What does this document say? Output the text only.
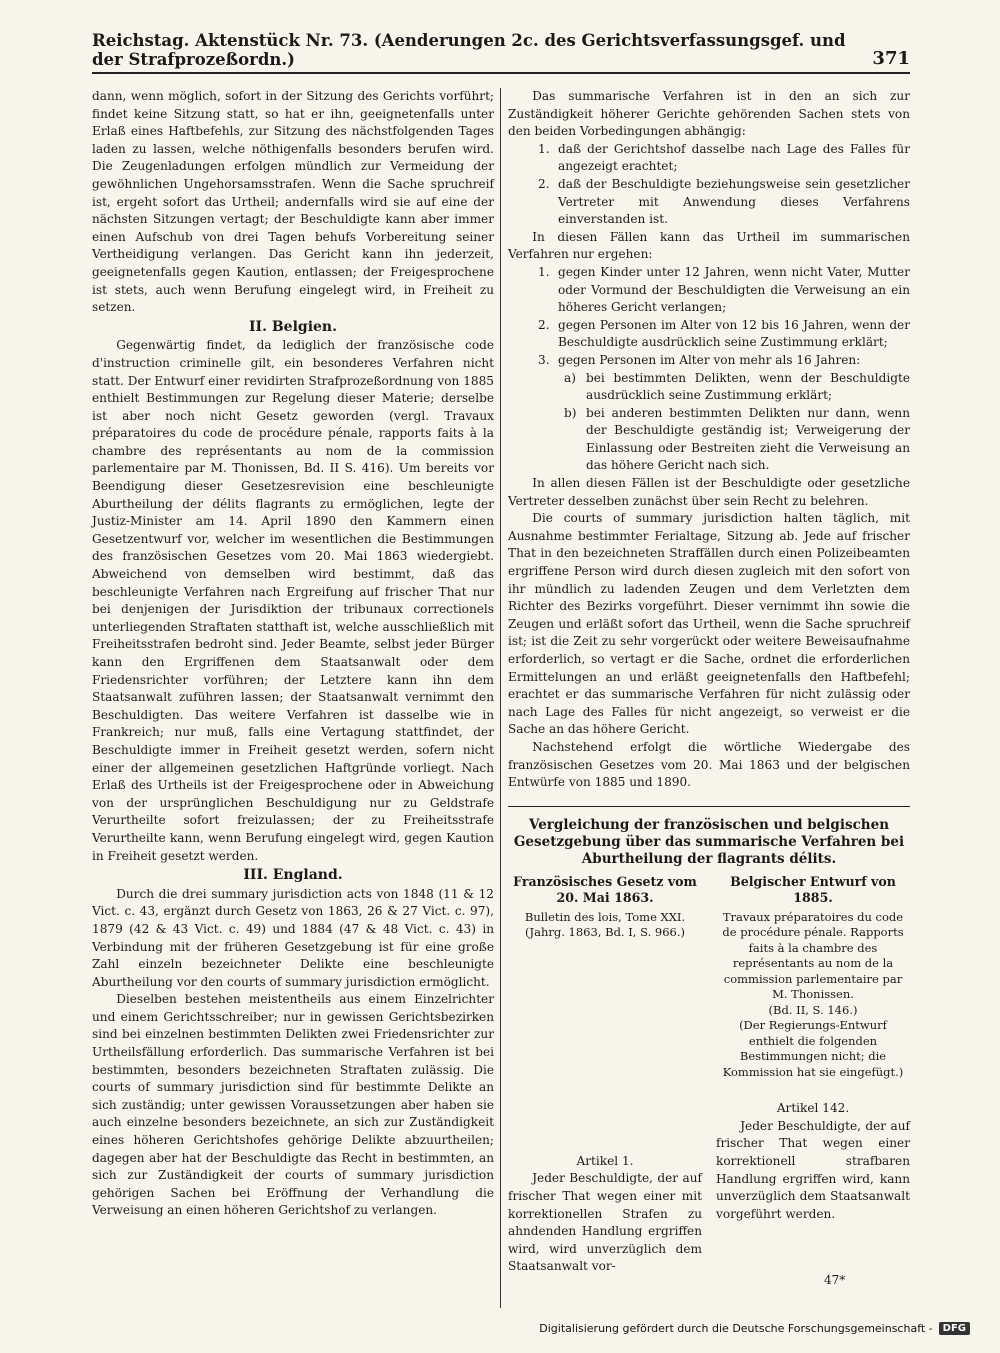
Reichstag. Aktenstück Nr. 73. (Aenderungen 2c. des Gerichtsverfassungsgef. und der Strafprozeßordn.)	371

dann, wenn möglich, sofort in der Sitzung des Gerichts vorführt; findet keine Sitzung statt, so hat er ihn, geeignetenfalls unter Erlaß eines Haftbefehls, zur Sitzung des nächstfolgenden Tages laden zu lassen, welche nöthigenfalls besonders berufen wird. Die Zeugenladungen erfolgen mündlich zur Vermeidung der gewöhnlichen Ungehorsamsstrafen. Wenn die Sache spruchreif ist, ergeht sofort das Urtheil; andernfalls wird sie auf eine der nächsten Sitzungen vertagt; der Beschuldigte kann aber immer einen Aufschub von drei Tagen behufs Vorbereitung seiner Vertheidigung verlangen. Das Gericht kann ihn jederzeit, geeignetenfalls gegen Kaution, entlassen; der Freigesprochene ist stets, auch wenn Berufung eingelegt wird, in Freiheit zu setzen.

II. Belgien.

Gegenwärtig findet, da lediglich der französische code d'instruction criminelle gilt, ein besonderes Verfahren nicht statt. Der Entwurf einer revidirten Strafprozeßordnung von 1885 enthielt Bestimmungen zur Regelung dieser Materie; derselbe ist aber noch nicht Gesetz geworden (vergl. Travaux préparatoires du code de procédure pénale, rapports faits à la chambre des représentants au nom de la commission parlementaire par M. Thonissen, Bd. II S. 416). Um bereits vor Beendigung dieser Gesetzesrevision eine beschleunigte Aburtheilung der délits flagrants zu ermöglichen, legte der Justiz-Minister am 14. April 1890 den Kammern einen Gesetzentwurf vor, welcher im wesentlichen die Bestimmungen des französischen Gesetzes vom 20. Mai 1863 wiedergiebt. Abweichend von demselben wird bestimmt, daß das beschleunigte Verfahren nach Ergreifung auf frischer That nur bei denjenigen der Jurisdiktion der tribunaux correctionels unterliegenden Straftaten statthaft ist, welche ausschließlich mit Freiheitsstrafen bedroht sind. Jeder Beamte, selbst jeder Bürger kann den Ergriffenen dem Staatsanwalt oder dem Friedensrichter vorführen; der Letztere kann ihn dem Staatsanwalt zuführen lassen; der Staatsanwalt vernimmt den Beschuldigten. Das weitere Verfahren ist dasselbe wie in Frankreich; nur muß, falls eine Vertagung stattfindet, der Beschuldigte immer in Freiheit gesetzt werden, sofern nicht einer der allgemeinen gesetzlichen Haftgründe vorliegt. Nach Erlaß des Urtheils ist der Freigesprochene oder in Abweichung von der ursprünglichen Beschuldigung nur zu Geldstrafe Verurtheilte sofort freizulassen; der zu Freiheitsstrafe Verurtheilte kann, wenn Berufung eingelegt wird, gegen Kaution in Freiheit gesetzt werden.

III. England.

Durch die drei summary jurisdiction acts von 1848 (11 & 12 Vict. c. 43, ergänzt durch Gesetz von 1863, 26 & 27 Vict. c. 97), 1879 (42 & 43 Vict. c. 49) und 1884 (47 & 48 Vict. c. 43) in Verbindung mit der früheren Gesetzgebung ist für eine große Zahl einzeln bezeichneter Delikte eine beschleunigte Aburtheilung vor den courts of summary jurisdiction ermöglicht.

Dieselben bestehen meistentheils aus einem Einzelrichter und einem Gerichtsschreiber; nur in gewissen Gerichtsbezirken sind bei einzelnen bestimmten Delikten zwei Friedensrichter zur Urtheilsfällung erforderlich. Das summarische Verfahren ist bei bestimmten, besonders bezeichneten Straftaten zulässig. Die courts of summary jurisdiction sind für bestimmte Delikte an sich zuständig; unter gewissen Voraussetzungen aber haben sie auch einzelne besonders bezeichnete, an sich zur Zuständigkeit eines höheren Gerichtshofes gehörige Delikte abzuurtheilen; dagegen aber hat der Beschuldigte das Recht in bestimmten, an sich zur Zuständigkeit der courts of summary jurisdiction gehörigen Sachen bei Eröffnung der Verhandlung die Verweisung an einen höheren Gerichtshof zu verlangen.

Das summarische Verfahren ist in den an sich zur Zuständigkeit höherer Gerichte gehörenden Sachen stets von den beiden Vorbedingungen abhängig:

1. daß der Gerichtshof dasselbe nach Lage des Falles für angezeigt erachtet;
2. daß der Beschuldigte beziehungsweise sein gesetzlicher Vertreter mit Anwendung dieses Verfahrens einverstanden ist.

In diesen Fällen kann das Urtheil im summarischen Verfahren nur ergehen:

1. gegen Kinder unter 12 Jahren, wenn nicht Vater, Mutter oder Vormund der Beschuldigten die Verweisung an ein höheres Gericht verlangen;
2. gegen Personen im Alter von 12 bis 16 Jahren, wenn der Beschuldigte ausdrücklich seine Zustimmung erklärt;
3. gegen Personen im Alter von mehr als 16 Jahren:
a) bei bestimmten Delikten, wenn der Beschuldigte ausdrücklich seine Zustimmung erklärt;
b) bei anderen bestimmten Delikten nur dann, wenn der Beschuldigte geständig ist; Verweigerung der Einlassung oder Bestreiten zieht die Verweisung an das höhere Gericht nach sich.

In allen diesen Fällen ist der Beschuldigte oder gesetzliche Vertreter desselben zunächst über sein Recht zu belehren.

Die courts of summary jurisdiction halten täglich, mit Ausnahme bestimmter Ferialtage, Sitzung ab. Jede auf frischer That in den bezeichneten Straffällen durch einen Polizeibeamten ergriffene Person wird durch diesen zugleich mit den sofort von ihr mündlich zu ladenden Zeugen und dem Verletzten dem Richter des Bezirks vorgeführt. Dieser vernimmt ihn sowie die Zeugen und erläßt sofort das Urtheil, wenn die Sache spruchreif ist; ist die Zeit zu sehr vorgerückt oder weitere Beweisaufnahme erforderlich, so vertagt er die Sache, ordnet die erforderlichen Ermittelungen an und erläßt geeignetenfalls den Haftbefehl; erachtet er das summarische Verfahren für nicht zulässig oder nach Lage des Falles für nicht angezeigt, so verweist er die Sache an das höhere Gericht.

Nachstehend erfolgt die wörtliche Wiedergabe des französischen Gesetzes vom 20. Mai 1863 und der belgischen Entwürfe von 1885 und 1890.

Vergleichung der französischen und belgischen Gesetzgebung über das summarische Verfahren bei Aburtheilung der flagrants délits.
Französisches Gesetz vom 20. Mai 1863.
Bulletin des lois, Tome XXI. (Jahrg. 1863, Bd. I, S. 966.)
Artikel 1.

Jeder Beschuldigte, der auf frischer That wegen einer mit korrektionellen Strafen zu ahndenden Handlung ergriffen wird, wird unverzüglich dem Staatsanwalt vor-

Belgischer Entwurf von 1885.
Travaux préparatoires du code de procédure pénale. Rapports faits à la chambre des représentants au nom de la commission parlementaire par M. Thonissen.
(Bd. II, S. 146.)
(Der Regierungs-Entwurf enthielt die folgenden Bestimmungen nicht; die Kommission hat sie eingefügt.)
Artikel 142.

Jeder Beschuldigte, der auf frischer That wegen einer korrektionell strafbaren Handlung ergriffen wird, kann unverzüglich dem Staatsanwalt vorgeführt werden.

47*
Digitalisierung gefördert durch die Deutsche Forschungsgemeinschaft -	DFG
